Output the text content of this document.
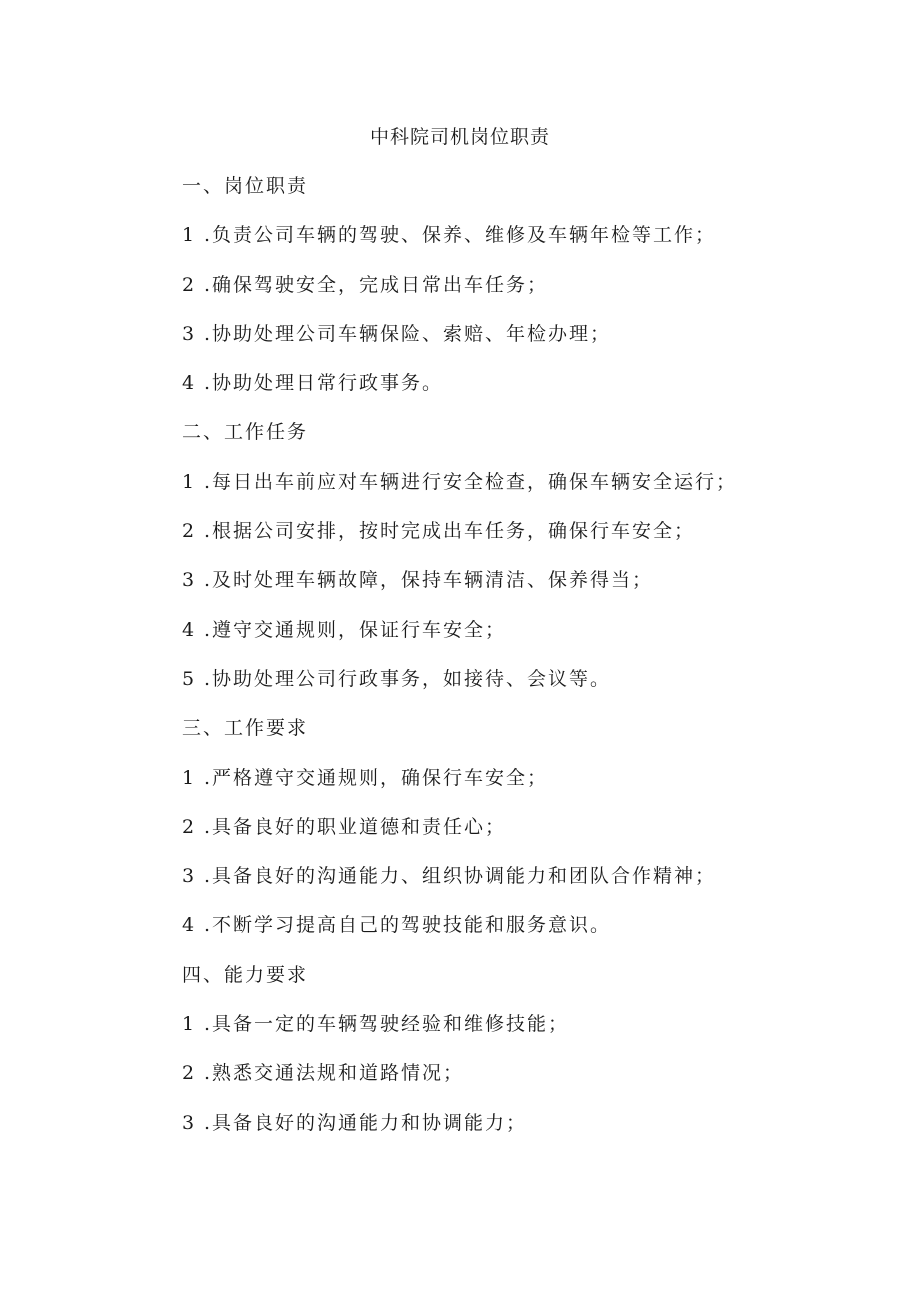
中科院司机岗位职责
一、岗位职责
1 .负责公司车辆的驾驶、保养、维修及车辆年检等工作；
2 .确保驾驶安全，完成日常出车任务；
3 .协助处理公司车辆保险、索赔、年检办理；
4 .协助处理日常行政事务。
二、工作任务
1 .每日出车前应对车辆进行安全检查，确保车辆安全运行；
2 .根据公司安排，按时完成出车任务，确保行车安全；
3 .及时处理车辆故障，保持车辆清洁、保养得当；
4 .遵守交通规则，保证行车安全；
5 .协助处理公司行政事务，如接待、会议等。
三、工作要求
1 .严格遵守交通规则，确保行车安全；
2 .具备良好的职业道德和责任心；
3 .具备良好的沟通能力、组织协调能力和团队合作精神；
4 .不断学习提高自己的驾驶技能和服务意识。
四、能力要求
1 .具备一定的车辆驾驶经验和维修技能；
2 .熟悉交通法规和道路情况；
3 .具备良好的沟通能力和协调能力；
